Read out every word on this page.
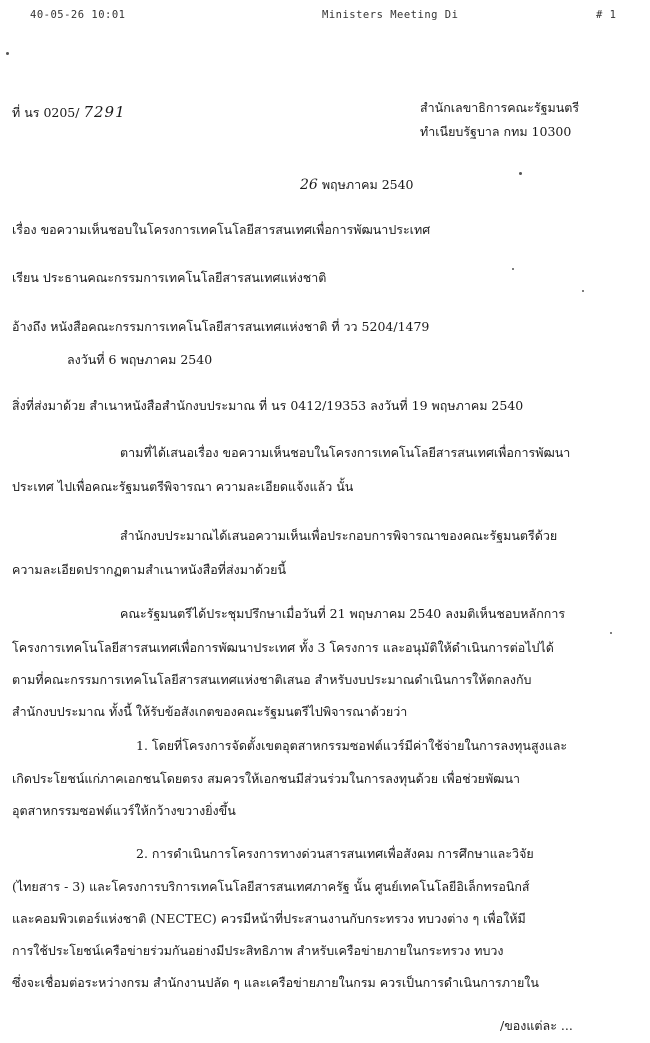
40-05-26 10:01	Ministers Meeting Di	# 1
ที่ นร 0205/ 7291	สำนักเลขาธิการคณะรัฐมนตรี
ทำเนียบรัฐบาล กทม 10300
26 พฤษภาคม 2540
เรื่อง ขอความเห็นชอบในโครงการเทคโนโลยีสารสนเทศเพื่อการพัฒนาประเทศ
เรียน ประธานคณะกรรมการเทคโนโลยีสารสนเทศแห่งชาติ
อ้างถึง หนังสือคณะกรรมการเทคโนโลยีสารสนเทศแห่งชาติ ที่ วว 5204/1479
ลงวันที่ 6 พฤษภาคม 2540
สิ่งที่ส่งมาด้วย สำเนาหนังสือสำนักงบประมาณ ที่ นร 0412/19353 ลงวันที่ 19 พฤษภาคม 2540
ตามที่ได้เสนอเรื่อง ขอความเห็นชอบในโครงการเทคโนโลยีสารสนเทศเพื่อการพัฒนา
ประเทศ ไปเพื่อคณะรัฐมนตรีพิจารณา ความละเอียดแจ้งแล้ว นั้น
สำนักงบประมาณได้เสนอความเห็นเพื่อประกอบการพิจารณาของคณะรัฐมนตรีด้วย
ความละเอียดปรากฏตามสำเนาหนังสือที่ส่งมาด้วยนี้
คณะรัฐมนตรีได้ประชุมปรึกษาเมื่อวันที่ 21 พฤษภาคม 2540 ลงมติเห็นชอบหลักการ
โครงการเทคโนโลยีสารสนเทศเพื่อการพัฒนาประเทศ ทั้ง 3 โครงการ และอนุมัติให้ดำเนินการต่อไปได้
ตามที่คณะกรรมการเทคโนโลยีสารสนเทศแห่งชาติเสนอ สำหรับงบประมาณดำเนินการให้ตกลงกับ
สำนักงบประมาณ ทั้งนี้ ให้รับข้อสังเกตของคณะรัฐมนตรีไปพิจารณาด้วยว่า
1. โดยที่โครงการจัดตั้งเขตอุตสาหกรรมซอฟต์แวร์มีค่าใช้จ่ายในการลงทุนสูงและ
เกิดประโยชน์แก่ภาคเอกชนโดยตรง สมควรให้เอกชนมีส่วนร่วมในการลงทุนด้วย เพื่อช่วยพัฒนา
อุตสาหกรรมซอฟต์แวร์ให้กว้างขวางยิ่งขึ้น
2. การดำเนินการโครงการทางด่วนสารสนเทศเพื่อสังคม การศึกษาและวิจัย
(ไทยสาร - 3) และโครงการบริการเทคโนโลยีสารสนเทศภาครัฐ นั้น ศูนย์เทคโนโลยีอิเล็กทรอนิกส์
และคอมพิวเตอร์แห่งชาติ (NECTEC) ควรมีหน้าที่ประสานงานกับกระทรวง ทบวงต่าง ๆ เพื่อให้มี
การใช้ประโยชน์เครือข่ายร่วมกันอย่างมีประสิทธิภาพ สำหรับเครือข่ายภายในกระทรวง ทบวง
ซึ่งจะเชื่อมต่อระหว่างกรม สำนักงานปลัด ๆ และเครือข่ายภายในกรม ควรเป็นการดำเนินการภายใน
/ของแต่ละ ...
